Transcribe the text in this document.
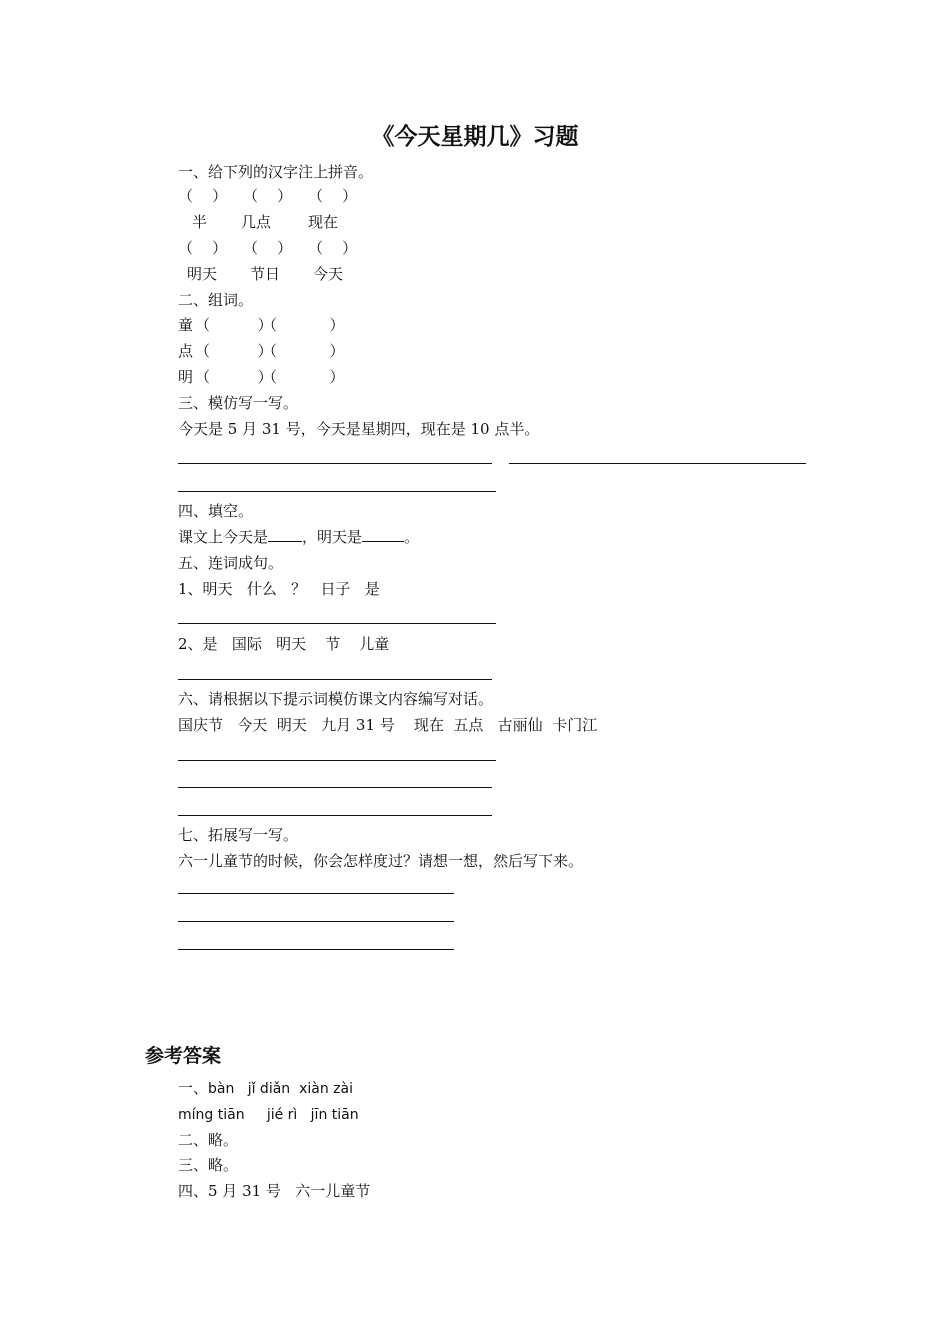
《今天星期几》习题
一、给下列的汉字注上拼音。
（    ） （    ） （    ）
半 几点 现在
（    ） （    ） （    ）
明天 节日 今天
二、组词。
童 （          ）
（           ）
点 （          ）
（           ）
明 （          ）
（           ）
三、模仿写一写。
今天是 5 月 31 号，今天是星期四，现在是 10 点半。
四、填空。
课文上今天是 ，明天是	。
五、连词成句。
1、明天   什么   ？   日子   是
2、是   国际   明天    节    儿童
六、请根据以下提示词模仿课文内容编写对话。
国庆节   今天  明天   九月 31 号    现在  五点   古丽仙  卡门江
七、拓展写一写。
六一儿童节的时候，你会怎样度过？请想一想，然后写下来。
参考答案
一、bàn   jǐ diǎn  xiàn zài
míng tiān     jié rì   jīn tiān
二、略。
三、略。
四、5 月 31 号   六一儿童节
